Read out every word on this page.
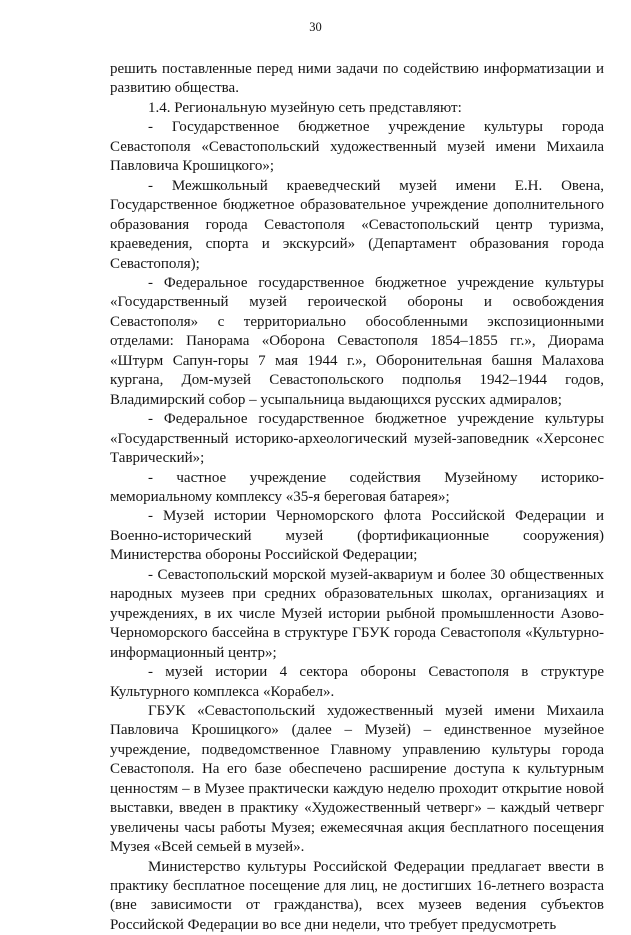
30

решить поставленные перед ними задачи по содействию информатизации и развитию общества.

1.4. Региональную музейную сеть представляют:

- Государственное бюджетное учреждение культуры города Севастополя «Севастопольский художественный музей имени Михаила Павловича Крошицкого»;

- Межшкольный краеведческий музей имени Е.Н. Овена, Государственное бюджетное образовательное учреждение дополнительного образования города Севастополя «Севастопольский центр туризма, краеведения, спорта и экскурсий» (Департамент образования города Севастополя);

- Федеральное государственное бюджетное учреждение культуры «Государственный музей героической обороны и освобождения Севастополя» с территориально обособленными экспозиционными отделами: Панорама «Оборона Севастополя 1854–1855 гг.», Диорама «Штурм Сапун-горы 7 мая 1944 г.», Оборонительная башня Малахова кургана, Дом-музей Севастопольского подполья 1942–1944 годов, Владимирский собор – усыпальница выдающихся русских адмиралов;

- Федеральное государственное бюджетное учреждение культуры «Государственный историко-археологический музей-заповедник «Херсонес Таврический»;

- частное учреждение содействия Музейному историко-мемориальному комплексу «35-я береговая батарея»;

- Музей истории Черноморского флота Российской Федерации и Военно-исторический музей (фортификационные сооружения) Министерства обороны Российской Федерации;

- Севастопольский морской музей-аквариум и более 30 общественных народных музеев при средних образовательных школах, организациях и учреждениях, в их числе Музей истории рыбной промышленности Азово-Черноморского бассейна в структуре ГБУК города Севастополя «Культурно-информационный центр»;

- музей истории 4 сектора обороны Севастополя в структуре Культурного комплекса «Корабел».

ГБУК «Севастопольский художественный музей имени Михаила Павловича Крошицкого» (далее – Музей) – единственное музейное учреждение, подведомственное Главному управлению культуры города Севастополя. На его базе обеспечено расширение доступа к культурным ценностям – в Музее практически каждую неделю проходит открытие новой выставки, введен в практику «Художественный четверг» – каждый четверг увеличены часы работы Музея; ежемесячная акция бесплатного посещения Музея «Всей семьей в музей».

Министерство культуры Российской Федерации предлагает ввести в практику бесплатное посещение для лиц, не достигших 16-летнего возраста (вне зависимости от гражданства), всех музеев ведения субъектов Российской Федерации во все дни недели, что требует предусмотреть
